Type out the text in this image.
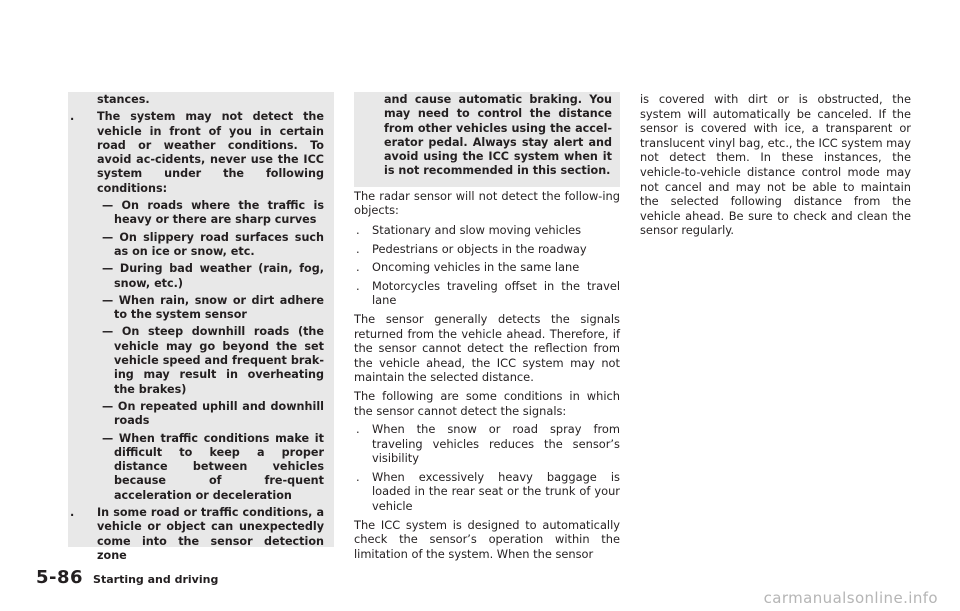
stances.

. The system may not detect the vehicle in front of you in certain road or weather conditions. To avoid ac-cidents, never use the ICC system under the following conditions:
— On roads where the traffic is heavy or there are sharp curves
— On slippery road surfaces such as on ice or snow, etc.
— During bad weather (rain, fog, snow, etc.)
— When rain, snow or dirt adhere to the system sensor
— On steep downhill roads (the vehicle may go beyond the set vehicle speed and frequent brak-ing may result in overheating the brakes)
— On repeated uphill and downhill roads
— When traffic conditions make it difficult to keep a proper distance between vehicles because of fre-quent acceleration or deceleration
. In some road or traffic conditions, a vehicle or object can unexpectedly come into the sensor detection zone

and cause automatic braking. You may need to control the distance from other vehicles using the accel-erator pedal. Always stay alert and avoid using the ICC system when it is not recommended in this section.

The radar sensor will not detect the follow-ing objects:

. Stationary and slow moving vehicles
. Pedestrians or objects in the roadway
. Oncoming vehicles in the same lane
. Motorcycles traveling offset in the travel lane

The sensor generally detects the signals returned from the vehicle ahead. Therefore, if the sensor cannot detect the reflection from the vehicle ahead, the ICC system may not maintain the selected distance.

The following are some conditions in which the sensor cannot detect the signals:

. When the snow or road spray from traveling vehicles reduces the sensor’s visibility
. When excessively heavy baggage is loaded in the rear seat or the trunk of your vehicle

The ICC system is designed to automatically check the sensor’s operation within the limitation of the system. When the sensor

is covered with dirt or is obstructed, the system will automatically be canceled. If the sensor is covered with ice, a transparent or translucent vinyl bag, etc., the ICC system may not detect them. In these instances, the vehicle-to-vehicle distance control mode may not cancel and may not be able to maintain the selected following distance from the vehicle ahead. Be sure to check and clean the sensor regularly.

5-86 Starting and driving
carmanualsonline.info
